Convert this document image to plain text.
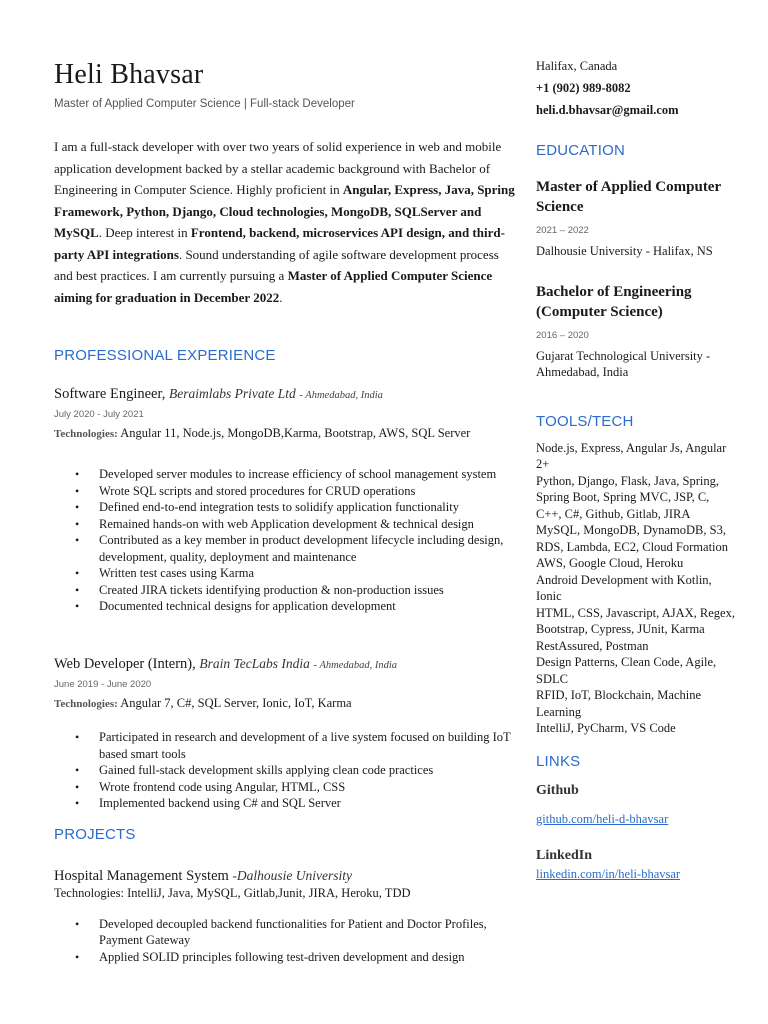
Heli Bhavsar
Master of Applied Computer Science | Full-stack Developer
I am a full-stack developer with over two years of solid experience in web and mobile application development backed by a stellar academic background with Bachelor of Engineering in Computer Science. Highly proficient in Angular, Express, Java, Spring Framework, Python, Django, Cloud technologies, MongoDB, SQLServer and MySQL. Deep interest in Frontend, backend, microservices API design, and third-party API integrations. Sound understanding of agile software development process and best practices. I am currently pursuing a Master of Applied Computer Science aiming for graduation in December 2022.
PROFESSIONAL EXPERIENCE
Software Engineer, Beraimlabs Private Ltd - Ahmedabad, India
July 2020 - July 2021
Technologies: Angular 11, Node.js, MongoDB,Karma, Bootstrap, AWS, SQL Server
• Developed server modules to increase efficiency of school management system
• Wrote SQL scripts and stored procedures for CRUD operations
• Defined end-to-end integration tests to solidify application functionality
• Remained hands-on with web Application development & technical design
• Contributed as a key member in product development lifecycle including design, development, quality, deployment and maintenance
• Written test cases using Karma
• Created JIRA tickets identifying production & non-production issues
• Documented technical designs for application development
Web Developer (Intern), Brain TecLabs India - Ahmedabad, India
June 2019 - June 2020
Technologies: Angular 7, C#, SQL Server, Ionic, IoT, Karma
• Participated in research and development of a live system focused on building IoT based smart tools
• Gained full-stack development skills applying clean code practices
• Wrote frontend code using Angular, HTML, CSS
• Implemented backend using C# and SQL Server
PROJECTS
Hospital Management System -Dalhousie University
Technologies: IntelliJ, Java, MySQL, Gitlab,Junit, JIRA, Heroku, TDD
• Developed decoupled backend functionalities for Patient and Doctor Profiles, Payment Gateway
• Applied SOLID principles following test-driven development and design
Halifax, Canada
+1 (902) 989-8082
heli.d.bhavsar@gmail.com
EDUCATION
Master of Applied Computer Science
2021 – 2022
Dalhousie University - Halifax, NS
Bachelor of Engineering (Computer Science)
2016 – 2020
Gujarat Technological University - Ahmedabad, India
TOOLS/TECH
Node.js, Express, Angular Js, Angular 2+
Python, Django, Flask, Java, Spring, Spring Boot, Spring MVC, JSP, C, C++, C#, Github, Gitlab, JIRA
MySQL, MongoDB, DynamoDB, S3, RDS, Lambda, EC2, Cloud Formation
AWS, Google Cloud, Heroku
Android Development with Kotlin, Ionic
HTML, CSS, Javascript, AJAX, Regex, Bootstrap, Cypress, JUnit, Karma
RestAssured, Postman
Design Patterns, Clean Code, Agile, SDLC
RFID, IoT, Blockchain, Machine Learning
IntelliJ, PyCharm, VS Code
LINKS
Github
github.com/heli-d-bhavsar
LinkedIn
linkedin.com/in/heli-bhavsar
